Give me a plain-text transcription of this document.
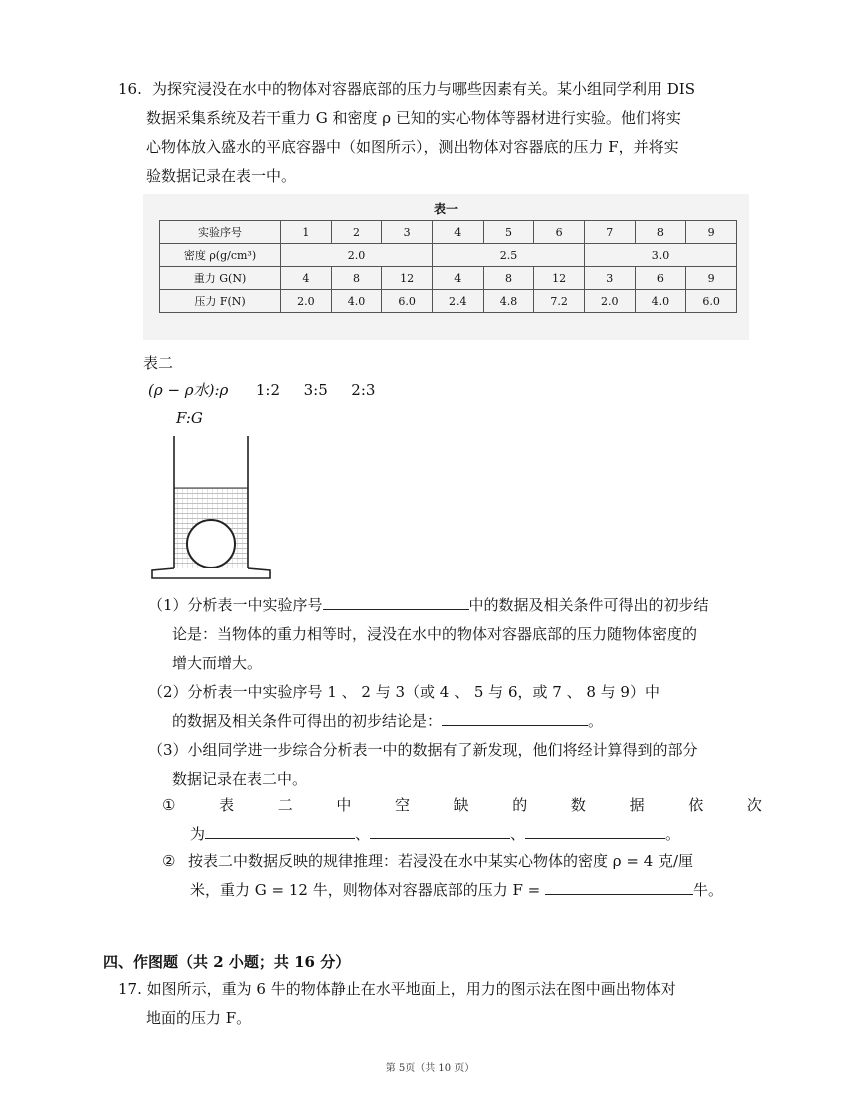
16. 为探究浸没在水中的物体对容器底部的压力与哪些因素有关。某小组同学利用 DIS
数据采集系统及若干重力 G 和密度 ρ 已知的实心物体等器材进行实验。他们将实
心物体放入盛水的平底容器中（如图所示），测出物体对容器底的压力 F，并将实
验数据记录在表一中。
表一
实验序号	1	2	3	4	5	6	7	8	9
密度 ρ(g/cm³)	2.0			2.5			3.0		
重力 G(N)	4	8	12	4	8	12	3	6	9
压力 F(N)	2.0	4.0	6.0	2.4	4.8	7.2	2.0	4.0	6.0
表二
(ρ − ρ水):ρ 1:2 3:5 2:3
F:G
（1）分析表一中实验序号	中的数据及相关条件可得出的初步结
论是：当物体的重力相等时，浸没在水中的物体对容器底部的压力随物体密度的
增大而增大。
（2）分析表一中实验序号 1 、 2 与 3（或 4 、 5 与 6，或 7 、 8 与 9）中
的数据及相关条件可得出的初步结论是：	。
（3）小组同学进一步综合分析表一中的数据有了新发现，他们将经计算得到的部分
数据记录在表二中。
①	表	二	中	空	缺	的	数	据	依	次
为	、	、	。
② 按表二中数据反映的规律推理：若浸没在水中某实心物体的密度 ρ = 4 克/厘
米，重力 G = 12 牛，则物体对容器底部的压力 F =	牛。
四、作图题（共 2 小题；共 16 分）
17. 如图所示，重为 6 牛的物体静止在水平地面上，用力的图示法在图中画出物体对
地面的压力 F。
第 5页（共 10 页）
